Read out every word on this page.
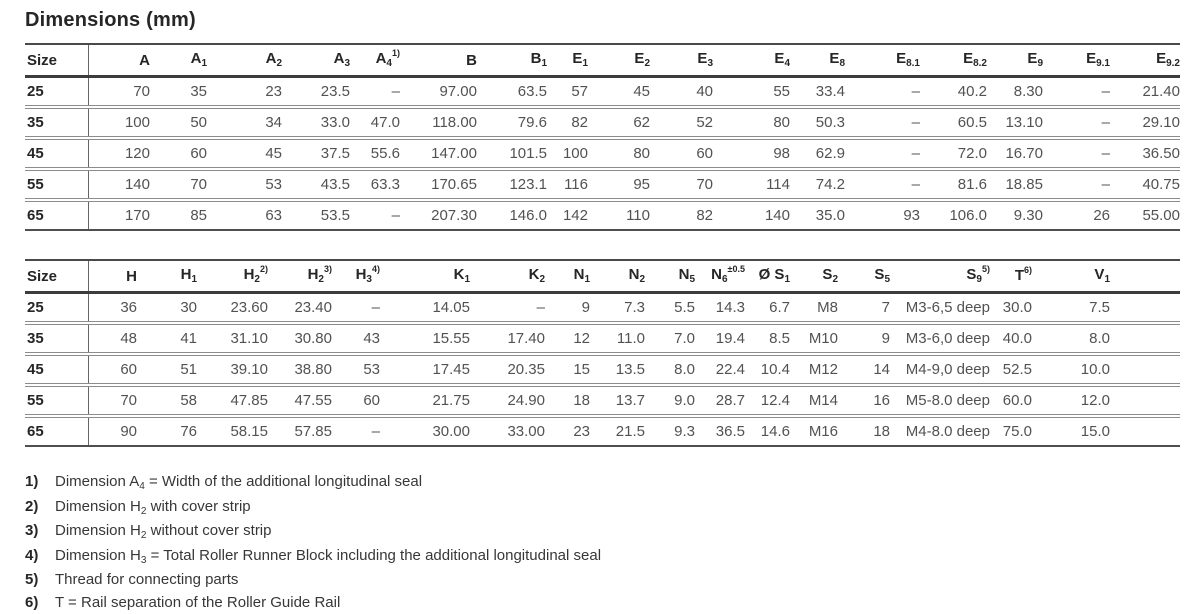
Dimensions (mm)
Size	A	$A_1$	$A_2$	$A_3$	$A_4^{1)}$	B	$B_1$	$E_1$	$E_2$	$E_3$	$E_4$	$E_8$	$E_{8.1}$	$E_{8.2}$	$E_9$	$E_{9.1}$	$E_{9.2}$
25	70	35	23	23.5	–	97.00	63.5	57	45	40	55	33.4	–	40.2	8.30	–	21.40
35	100	50	34	33.0	47.0	118.00	79.6	82	62	52	80	50.3	–	60.5	13.10	–	29.10
45	120	60	45	37.5	55.6	147.00	101.5	100	80	60	98	62.9	–	72.0	16.70	–	36.50
55	140	70	53	43.5	63.3	170.65	123.1	116	95	70	114	74.2	–	81.6	18.85	–	40.75
65	170	85	63	53.5	–	207.30	146.0	142	110	82	140	35.0	93	106.0	9.30	26	55.00
Size	H	$H_1$	$H_2^{2)}$	$H_2^{3)}$	$H_3^{4)}$	$K_1$	$K_2$	$N_1$	$N_2$	$N_5$	$N_6^{\pm 0.5}$	Ø $S_1$	$S_2$	$S_5$	$S_9^{5)}$	$T^{6)}$	$V_1$
25	36	30	23.60	23.40	–	14.05	–	9	7.3	5.5	14.3	6.7	M8	7	M3-6,5 deep	30.0	7.5
35	48	41	31.10	30.80	43	15.55	17.40	12	11.0	7.0	19.4	8.5	M10	9	M3-6,0 deep	40.0	8.0
45	60	51	39.10	38.80	53	17.45	20.35	15	13.5	8.0	22.4	10.4	M12	14	M4-9,0 deep	52.5	10.0
55	70	58	47.85	47.55	60	21.75	24.90	18	13.7	9.0	28.7	12.4	M14	16	M5-8.0 deep	60.0	12.0
65	90	76	58.15	57.85	–	30.00	33.00	23	21.5	9.3	36.5	14.6	M16	18	M4-8.0 deep	75.0	15.0
1)	Dimension $A_4$ = Width of the additional longitudinal seal
2)	Dimension $H_2$ with cover strip
3)	Dimension $H_2$ without cover strip
4)	Dimension $H_3$ = Total Roller Runner Block including the additional longitudinal seal
5)	Thread for connecting parts
6)	T = Rail separation of the Roller Guide Rail
